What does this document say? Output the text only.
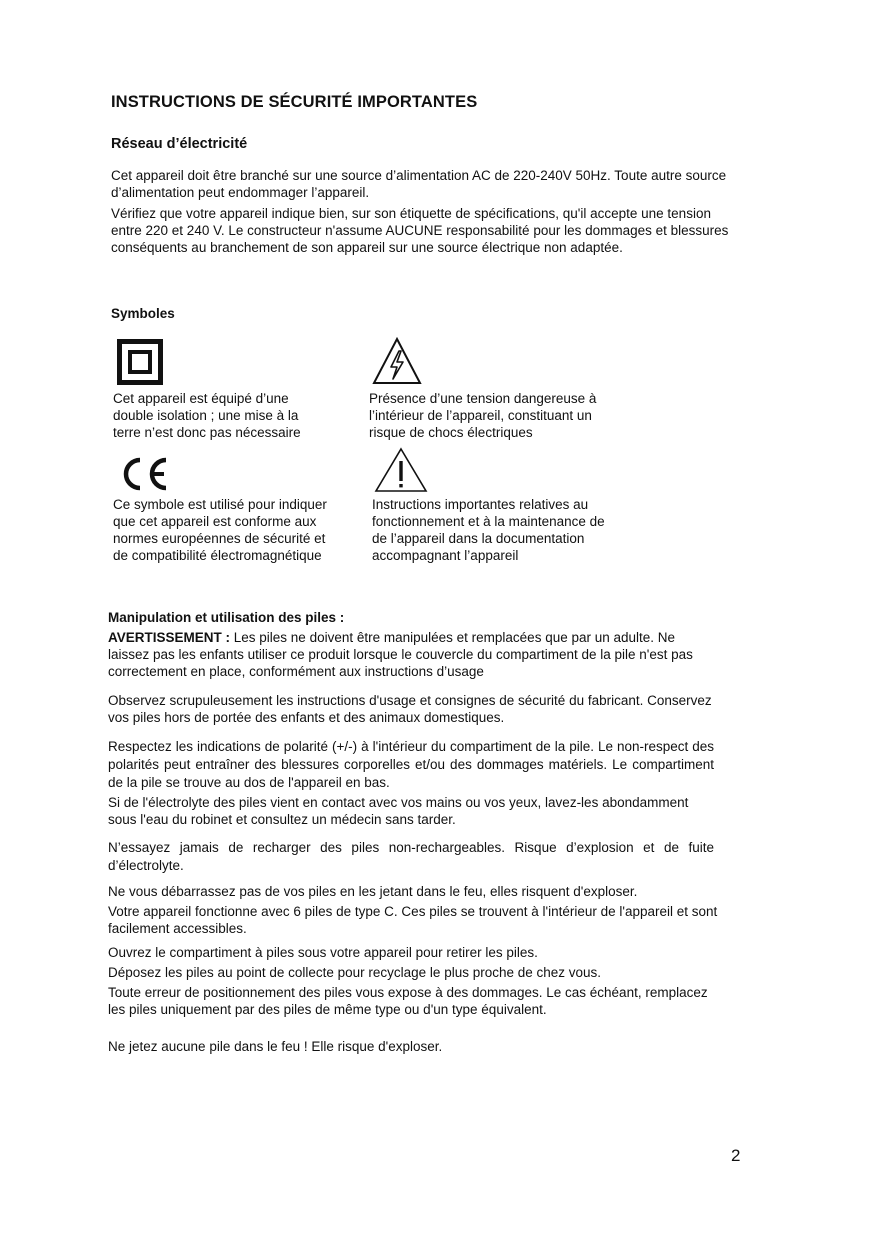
INSTRUCTIONS DE SÉCURITÉ IMPORTANTES
Réseau d’électricité

Cet appareil doit être branché sur une source d’alimentation AC de 220-240V 50Hz. Toute autre source d’alimentation peut endommager l’appareil.

Vérifiez que votre appareil indique bien, sur son étiquette de spécifications, qu'il accepte une tension entre 220 et 240 V. Le constructeur n'assume AUCUNE responsabilité pour les dommages et blessures conséquents au branchement de son appareil sur une source électrique non adaptée.

Symboles

Cet appareil est équipé d’une
double isolation ; une mise à la
terre n’est donc pas nécessaire

Présence d’une tension dangereuse à
l’intérieur de l’appareil, constituant un
risque de chocs électriques

Ce symbole est utilisé pour indiquer
que cet appareil est conforme aux
normes européennes de sécurité et
de compatibilité électromagnétique

Instructions importantes relatives au
fonctionnement et à la maintenance de
de l’appareil dans la documentation
accompagnant l’appareil

Manipulation et utilisation des piles :

AVERTISSEMENT : Les piles ne doivent être manipulées et remplacées que par un adulte. Ne laissez pas les enfants utiliser ce produit lorsque le couvercle du compartiment de la pile n'est pas correctement en place, conformément aux instructions d’usage

Observez scrupuleusement les instructions d'usage et consignes de sécurité du fabricant. Conservez vos piles hors de portée des enfants et des animaux domestiques.

Respectez les indications de polarité (+/-) à l'intérieur du compartiment de la pile. Le non-respect des polarités peut entraîner des blessures corporelles et/ou des dommages matériels. Le compartiment de la pile se trouve au dos de l'appareil en bas.

Si de l'électrolyte des piles vient en contact avec vos mains ou vos yeux, lavez-les abondamment sous l'eau du robinet et consultez un médecin sans tarder.

N’essayez jamais de recharger des piles non-rechargeables. Risque d’explosion et de fuite d’électrolyte.

Ne vous débarrassez pas de vos piles en les jetant dans le feu, elles risquent d'exploser.

Votre appareil fonctionne avec 6 piles de type C. Ces piles se trouvent à l'intérieur de l'appareil et sont facilement accessibles.

Ouvrez le compartiment à piles sous votre appareil pour retirer les piles.

Déposez les piles au point de collecte pour recyclage le plus proche de chez vous.

Toute erreur de positionnement des piles vous expose à des dommages. Le cas échéant, remplacez les piles uniquement par des piles de même type ou d'un type équivalent.

Ne jetez aucune pile dans le feu ! Elle risque d'exploser.

2
